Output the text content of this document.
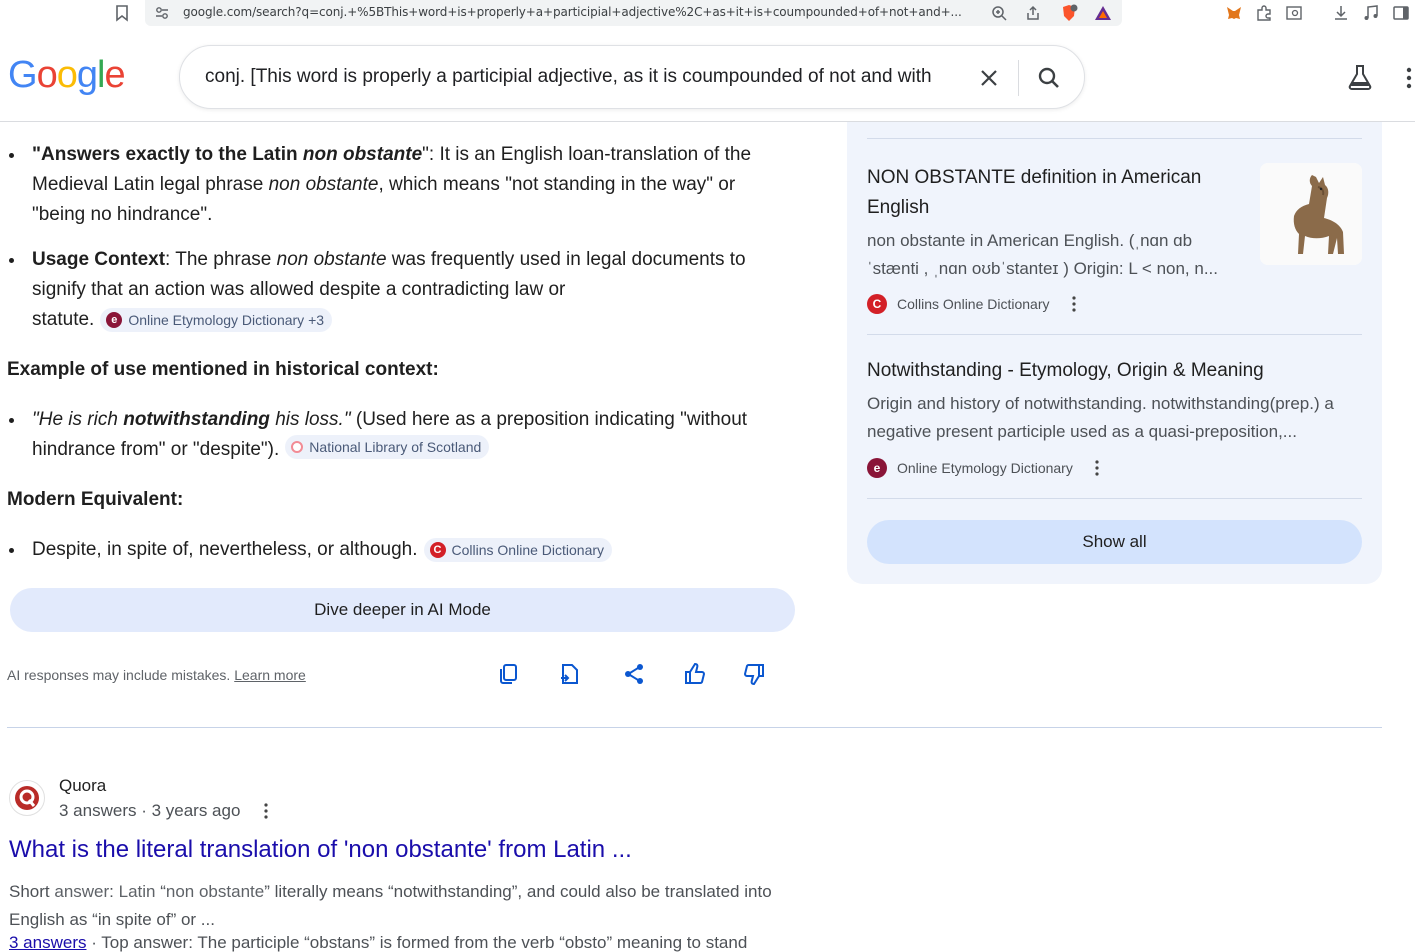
google.com/search?q=conj.+%5BThis+word+is+properly+a+participial+adjective%2C+as+it+is+coumpounded+of+not+and+...
Google	conj. [This word is properly a participial adjective, as it is coumpounded of not and with
"Answers exactly to the Latin non obstante": It is an English loan-translation of the
Medieval Latin legal phrase non obstante, which means "not standing in the way" or
"being no hindrance".
Usage Context: The phrase non obstante was frequently used in legal documents to
signify that an action was allowed despite a contradicting law or
statute.	e Online Etymology Dictionary +3
Example of use mentioned in historical context:
"He is rich notwithstanding his loss." (Used here as a preposition indicating "without
hindrance from" or "despite"). National Library of Scotland
Modern Equivalent:
Despite, in spite of, nevertheless, or although.	C Collins Online Dictionary
Dive deeper in AI Mode
AI responses may include mistakes. Learn more
NON OBSTANTE definition in American
English
non obstante in American English. (ˌnɑn ɑb
ˈstænti , ˌnɑn oʊbˈstanteɪ ) Origin: L < non, n...
C	Collins Online Dictionary
Notwithstanding - Etymology, Origin & Meaning
Origin and history of notwithstanding. notwithstanding(prep.) a
negative present participle used as a quasi-preposition,...
e	Online Etymology Dictionary
Show all
Quora
3 answers · 3 years ago
What is the literal translation of 'non obstante' from Latin ...
Short answer: Latin “non obstante” literally means “notwithstanding”, and could also be translated into
English as “in spite of” or ...
3 answers · Top answer: The participle “obstans” is formed from the verb “obsto” meaning to stand
